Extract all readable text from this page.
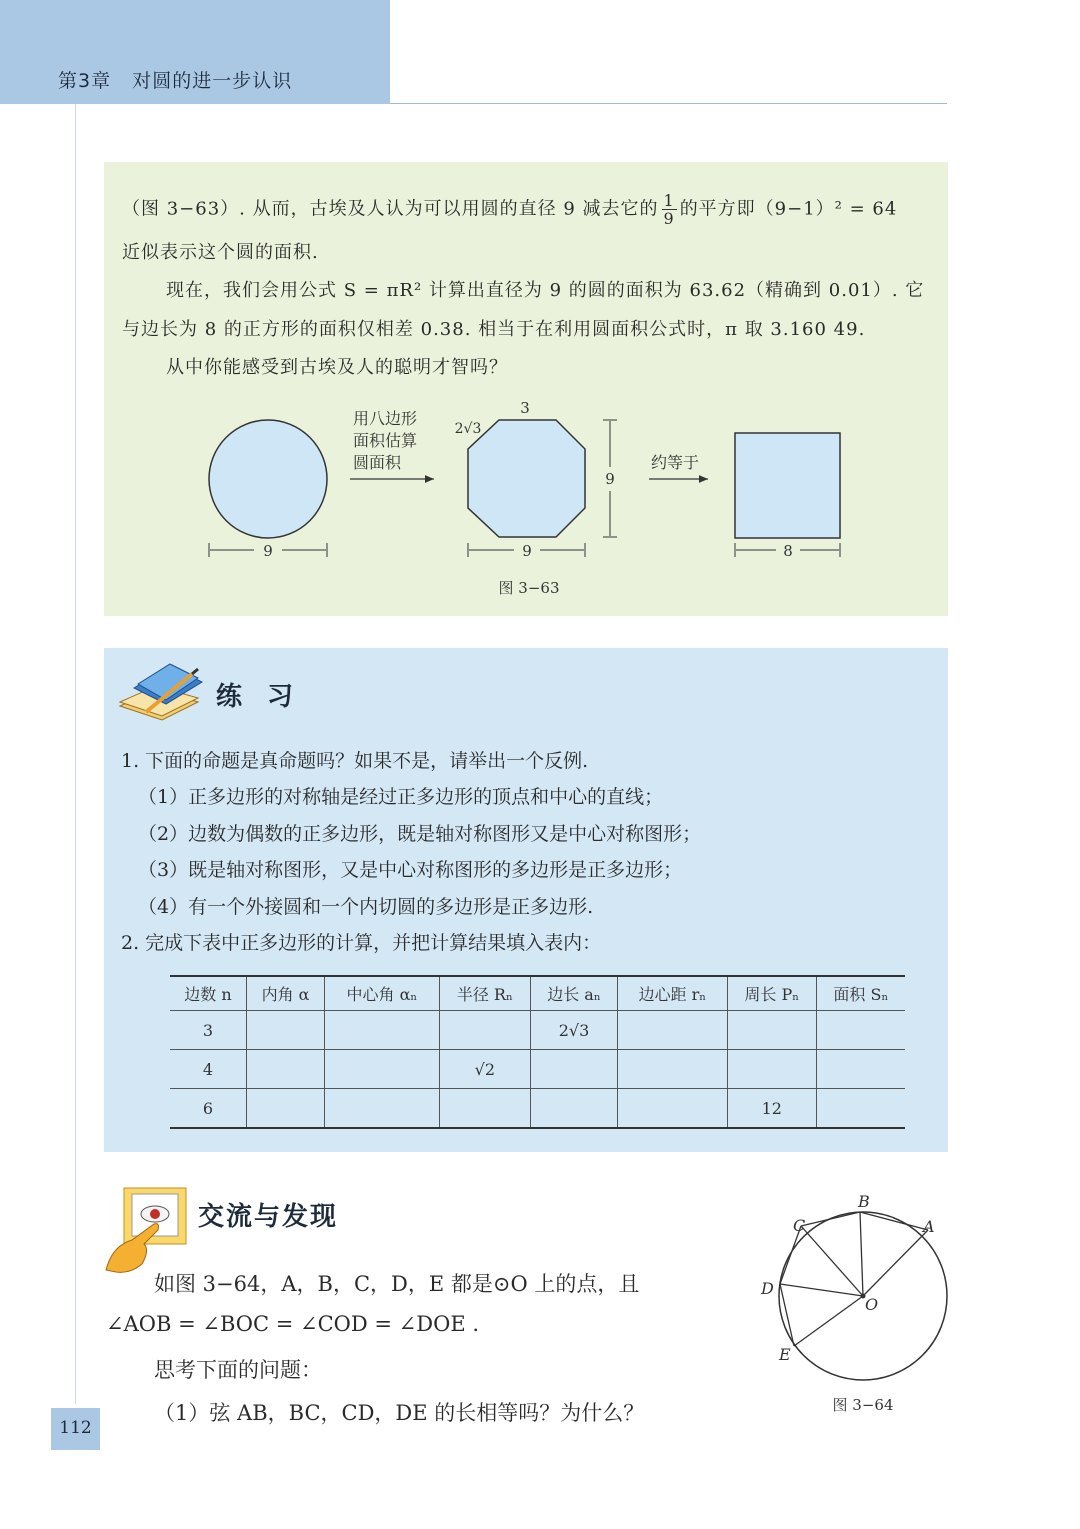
第3章 对圆的进一步认识
（图 3−63）. 从而，古埃及人认为可以用圆的直径 9 减去它的 $\frac{1}{9}$ 的平方即（9−1）² = 64
近似表示这个圆的面积.
现在，我们会用公式 S = πR² 计算出直径为 9 的圆的面积为 63.62（精确到 0.01）. 它
与边长为 8 的正方形的面积仅相差 0.38. 相当于在利用圆面积公式时，π 取 3.160 49.
从中你能感受到古埃及人的聪明才智吗？
9
用八边形
面积估算
圆面积
3
2√3
9
9
约等于
8
图 3−63
练 习
1. 下面的命题是真命题吗？如果不是，请举出一个反例.
（1）正多边形的对称轴是经过正多边形的顶点和中心的直线；
（2）边数为偶数的正多边形，既是轴对称图形又是中心对称图形；
（3）既是轴对称图形，又是中心对称图形的多边形是正多边形；
（4）有一个外接圆和一个内切圆的多边形是正多边形.
2. 完成下表中正多边形的计算，并把计算结果填入表内：
边数 n	内角 α	中心角 αₙ	半径 Rₙ	边长 aₙ	边心距 rₙ	周长 Pₙ	面积 Sₙ
3				2√3			
4			√2				
6						12	
交流与发现
如图 3−64，A，B，C，D，E 都是⊙O 上的点，且
∠AOB = ∠BOC = ∠COD = ∠DOE .
思考下面的问题：
（1）弦 AB，BC，CD，DE 的长相等吗？为什么？
A
B
C
D
E
O
图 3−64
112
